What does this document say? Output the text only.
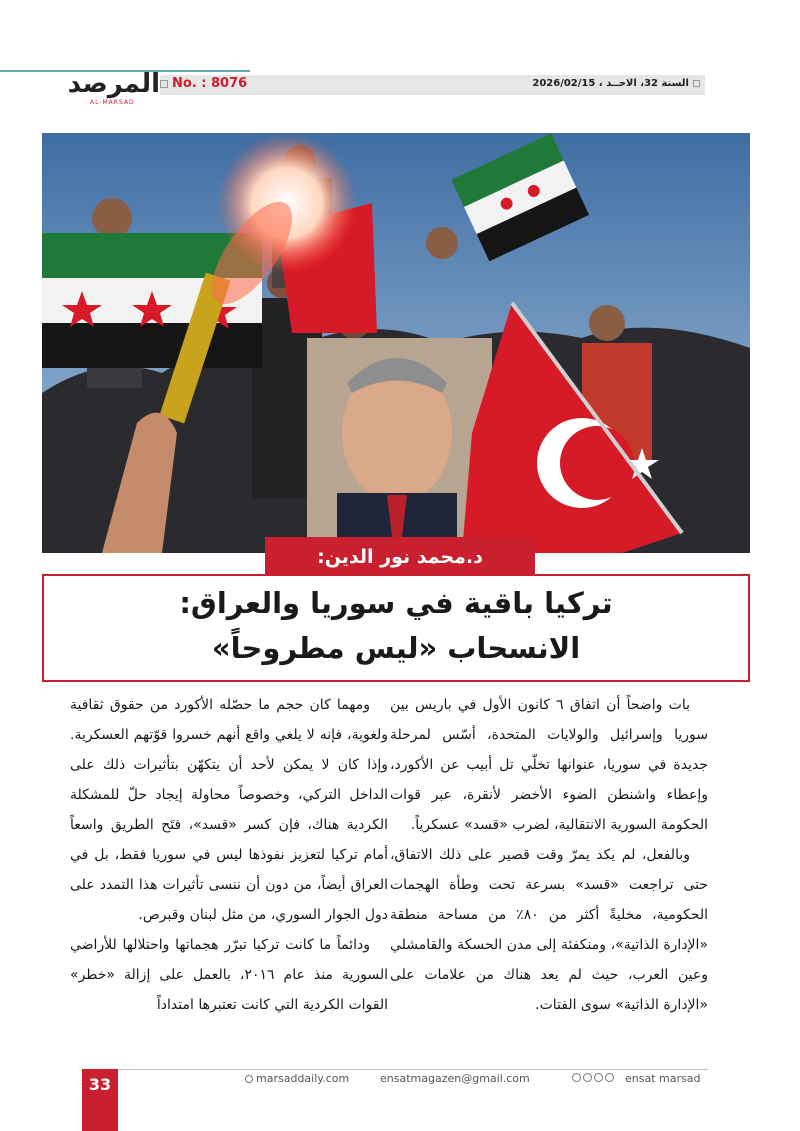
No. : 8076	السنة 32، الاحــد ، 2026/02/15
المرصد
AL-MARSAD
د.محمد نور الدين:
تركيا باقية في سوريا والعراق:
الانسحاب «ليس مطروحاً»

بات واضحاً أن اتفاق ٦ كانون الأول في باريس بين سوريا وإسرائيل والولايات المتحدة، أسّس لمرحلة جديدة في سوريا، عنوانها تخلّي تل أبيب عن الأكورد، وإعطاء واشنطن الضوء الأخضر لأنقرة، عبر قوات الحكومة السورية الانتقالية، لضرب «قسد» عسكرياً.

وبالفعل، لم يكد يمرّ وقت قصير على ذلك الاتفاق، حتى تراجعت «قسد» بسرعة تحت وطأة الهجمات الحكومية، مخليةً أكثر من ٨٠٪ من مساحة منطقة «الإدارة الذاتية»، ومنكفئة إلى مدن الحسكة والقامشلي وعين العرب، حيث لم يعد هناك من علامات على «الإدارة الذاتية» سوى الفتات.

ومهما كان حجم ما حصّله الأكورد من حقوق ثقافية ولغوية، فإنه لا يلغي واقع أنهم خسروا قوّتهم العسكرية. وإذا كان لا يمكن لأحد أن يتكهّن بتأثيرات ذلك على الداخل التركي، وخصوصاً محاولة إيجاد حلّ للمشكلة الكردية هناك، فإن كسر «قسد»، فتَح الطريق واسعاً أمام تركيا لتعزيز نفوذها ليس في سوريا فقط، بل في العراق أيضاً، من دون أن ننسى تأثيرات هذا التمدد على دول الجوار السوري، من مثل لبنان وقبرص.

ودائماً ما كانت تركيا تبرّر هجماتها واحتلالها للأراضي السورية منذ عام ٢٠١٦، بالعمل على إزالة «خطر» القوات الكردية التي كانت تعتبرها امتداداً

33	marsaddaily.com	ensatmagazen@gmail.com	ensat marsad
